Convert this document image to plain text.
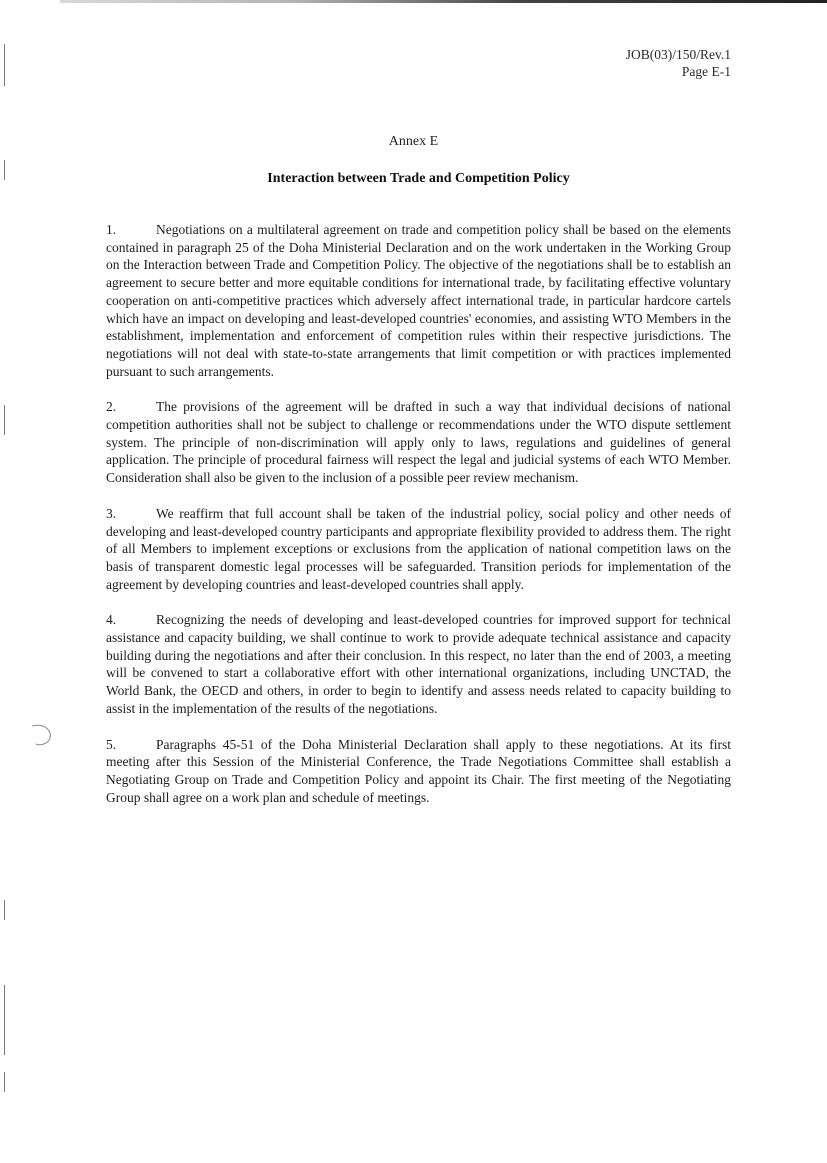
JOB(03)/150/Rev.1
Page E-1
Annex E
Interaction between Trade and Competition Policy

1.	Negotiations on a multilateral agreement on trade and competition policy shall be based on the elements contained in paragraph 25 of the Doha Ministerial Declaration and on the work undertaken in the Working Group on the Interaction between Trade and Competition Policy. The objective of the negotiations shall be to establish an agreement to secure better and more equitable conditions for international trade, by facilitating effective voluntary cooperation on anti-competitive practices which adversely affect international trade, in particular hardcore cartels which have an impact on developing and least-developed countries' economies, and assisting WTO Members in the establishment, implementation and enforcement of competition rules within their respective jurisdictions. The negotiations will not deal with state-to-state arrangements that limit competition or with practices implemented pursuant to such arrangements.

2.	The provisions of the agreement will be drafted in such a way that individual decisions of national competition authorities shall not be subject to challenge or recommendations under the WTO dispute settlement system. The principle of non-discrimination will apply only to laws, regulations and guidelines of general application. The principle of procedural fairness will respect the legal and judicial systems of each WTO Member. Consideration shall also be given to the inclusion of a possible peer review mechanism.

3.	We reaffirm that full account shall be taken of the industrial policy, social policy and other needs of developing and least-developed country participants and appropriate flexibility provided to address them. The right of all Members to implement exceptions or exclusions from the application of national competition laws on the basis of transparent domestic legal processes will be safeguarded. Transition periods for implementation of the agreement by developing countries and least-developed countries shall apply.

4.	Recognizing the needs of developing and least-developed countries for improved support for technical assistance and capacity building, we shall continue to work to provide adequate technical assistance and capacity building during the negotiations and after their conclusion. In this respect, no later than the end of 2003, a meeting will be convened to start a collaborative effort with other international organizations, including UNCTAD, the World Bank, the OECD and others, in order to begin to identify and assess needs related to capacity building to assist in the implementation of the results of the negotiations.

5.	Paragraphs 45-51 of the Doha Ministerial Declaration shall apply to these negotiations. At its first meeting after this Session of the Ministerial Conference, the Trade Negotiations Committee shall establish a Negotiating Group on Trade and Competition Policy and appoint its Chair. The first meeting of the Negotiating Group shall agree on a work plan and schedule of meetings.
